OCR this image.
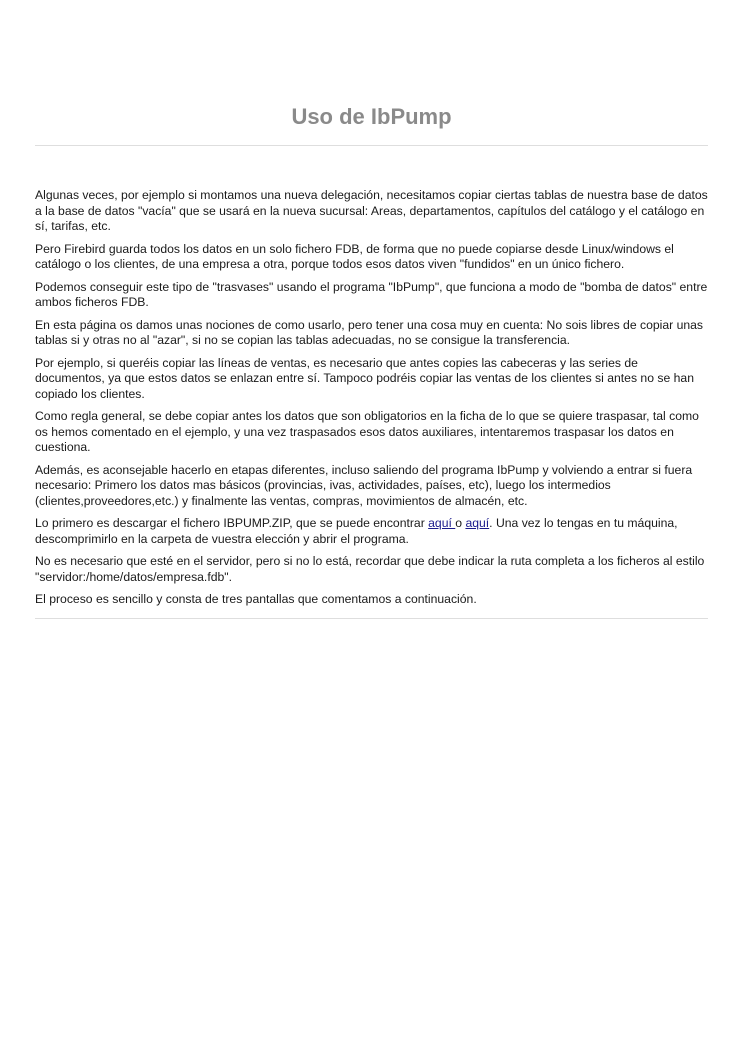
Uso de IbPump

Algunas veces, por ejemplo si montamos una nueva delegación, necesitamos copiar ciertas tablas de nuestra base de datos a la base de datos "vacía" que se usará en la nueva sucursal: Areas, departamentos, capítulos del catálogo y el catálogo en sí, tarifas, etc.

Pero Firebird guarda todos los datos en un solo fichero FDB, de forma que no puede copiarse desde Linux/windows el catálogo o los clientes, de una empresa a otra, porque todos esos datos viven "fundidos" en un único fichero.

Podemos conseguir este tipo de "trasvases" usando el programa "IbPump", que funciona a modo de "bomba de datos" entre ambos ficheros FDB.

En esta página os damos unas nociones de como usarlo, pero tener una cosa muy en cuenta: No sois libres de copiar unas tablas si y otras no al "azar", si no se copian las tablas adecuadas, no se consigue la transferencia.

Por ejemplo, si queréis copiar las líneas de ventas, es necesario que antes copies las cabeceras y las series de documentos, ya que estos datos se enlazan entre sí. Tampoco podréis copiar las ventas de los clientes si antes no se han copiado los clientes.

Como regla general, se debe copiar antes los datos que son obligatorios en la ficha de lo que se quiere traspasar, tal como os hemos comentado en el ejemplo, y una vez traspasados esos datos auxiliares, intentaremos traspasar los datos en cuestiona.

Además, es aconsejable hacerlo en etapas diferentes, incluso saliendo del programa IbPump y volviendo a entrar si fuera necesario: Primero los datos mas básicos (provincias, ivas, actividades, países, etc), luego los intermedios (clientes,proveedores,etc.) y finalmente las ventas, compras, movimientos de almacén, etc.

Lo primero es descargar el fichero IBPUMP.ZIP, que se puede encontrar aquí o aquí. Una vez lo tengas en tu máquina, descomprimirlo en la carpeta de vuestra elección y abrir el programa.

No es necesario que esté en el servidor, pero si no lo está, recordar que debe indicar la ruta completa a los ficheros al estilo "servidor:/home/datos/empresa.fdb".

El proceso es sencillo y consta de tres pantallas que comentamos a continuación.
